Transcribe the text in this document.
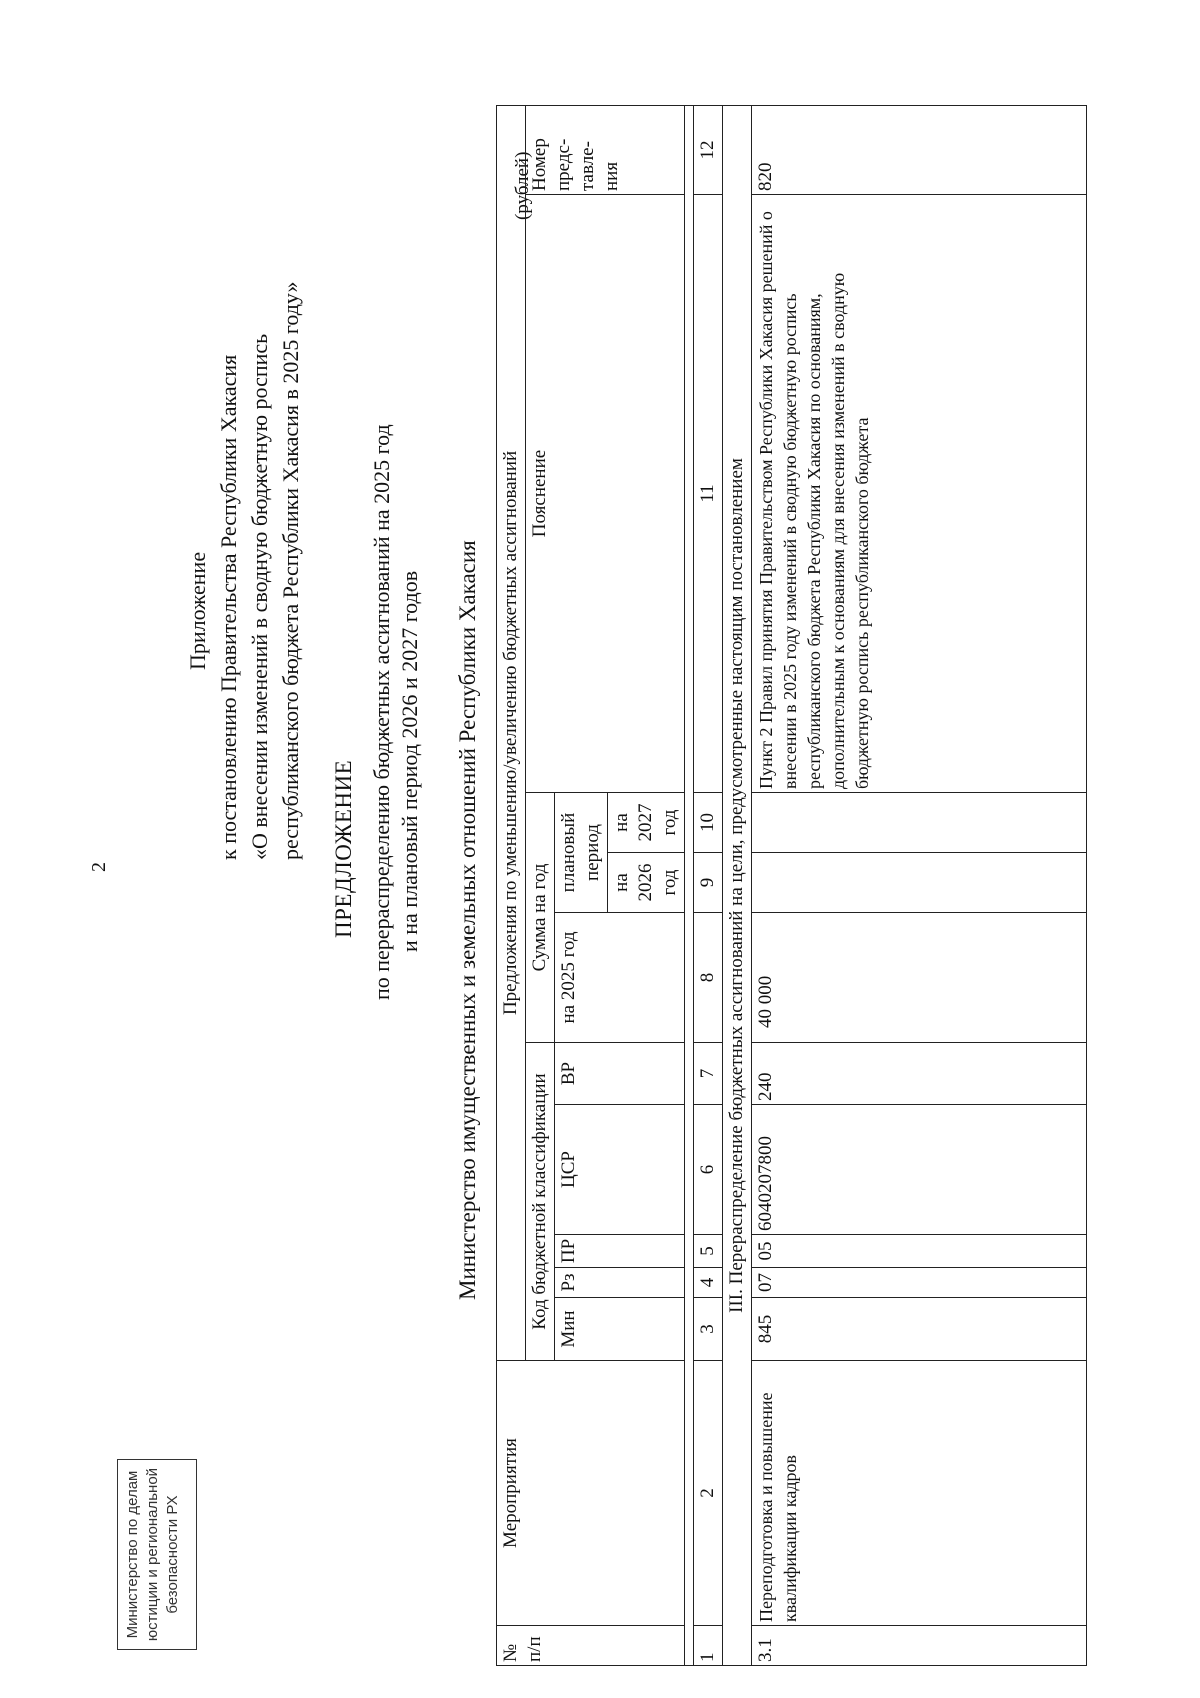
2
Приложение к постановлению Правительства Республики Хакасия «О внесении изменений в сводную бюджетную роспись республиканского бюджета Республики Хакасия в 2025 году» ПРЕДЛОЖЕНИЕ по перераспределению бюджетных ассигнований на 2025 год и на плановый период 2026 и 2027 годов Министерство имущественных и земельных отношений Республики Хакасия
Министерство по делам юстиции и региональной безопасности РХ
(рублей)
№ п/п	Мероприятия	Предложения по уменьшению/увеличению бюджетных ассигнований									
		Код бюджетной классификации					Сумма на год			Пояснение	Номер предс- тавле- ния
		Мин	Рз	ПР	ЦСР	ВР	на 2025 год	плановый период			
								на 2026 год	на 2027 год		

1	2	3	4	5	6	7	8	9	10	11	12
III. Перераспределение бюджетных ассигнований на цели, предусмотренные настоящим постановлением											
3.1	Переподготовка и повышение квалификации кадров	845	07	05	6040207800	240	40 000			Пункт 2 Правил принятия Правительством Республики Хакасия решений о внесении в 2025 году изменений в сводную бюджетную роспись республиканского бюджета Республики Хакасия по основаниям, дополнительным к основаниям для внесения изменений в сводную бюджетную роспись республиканского бюджета	820
